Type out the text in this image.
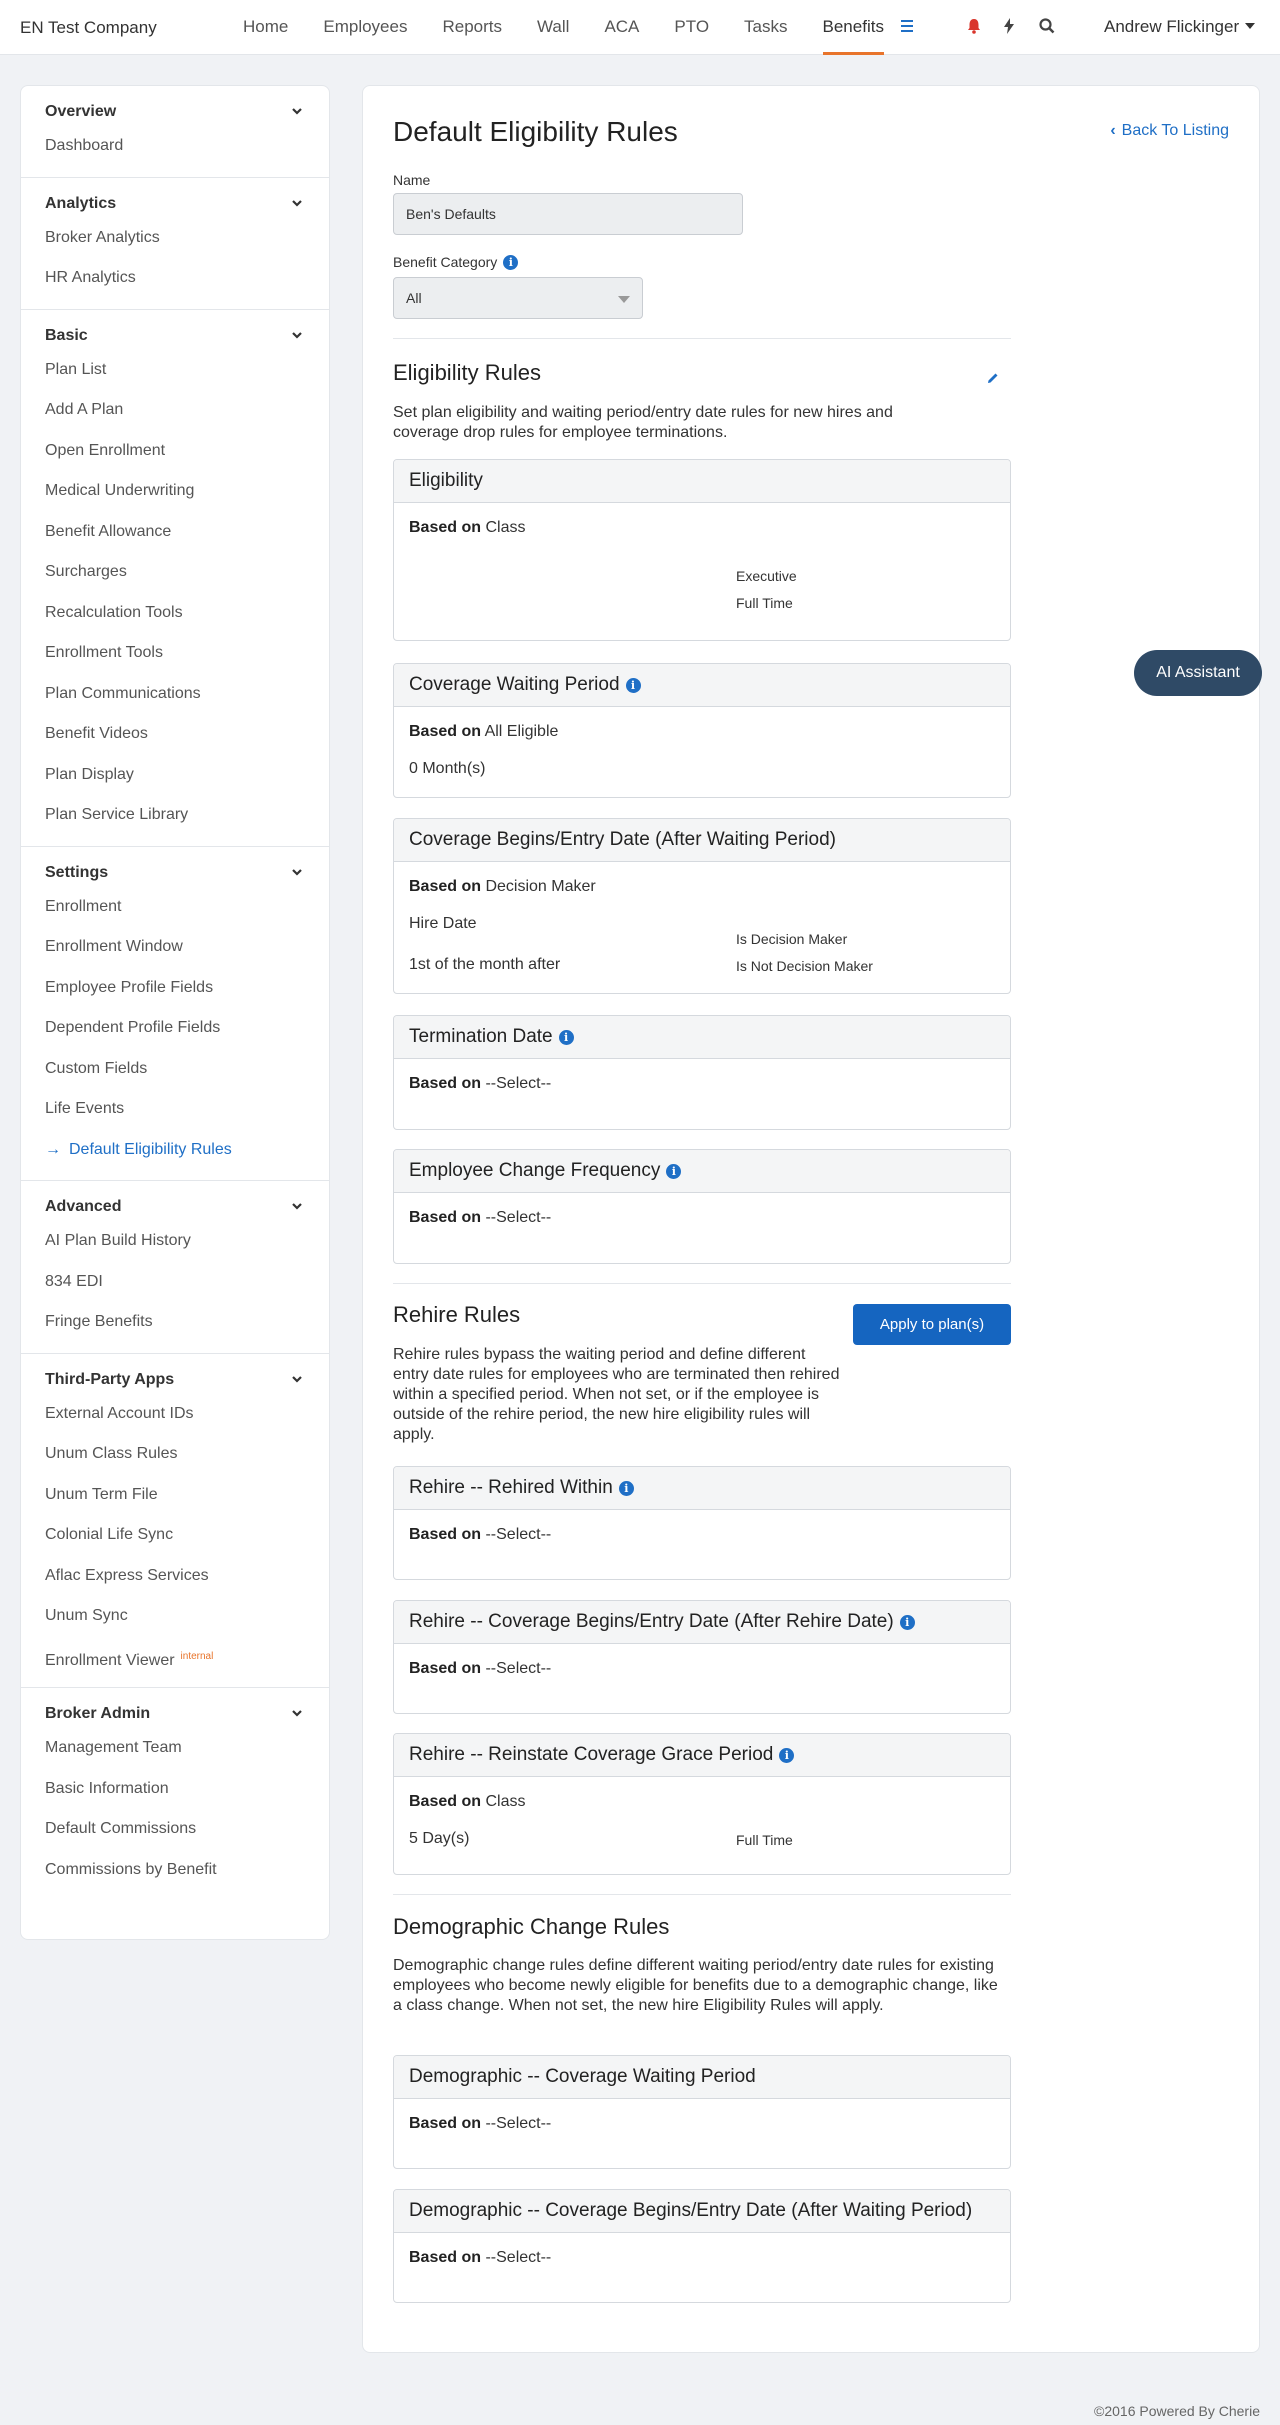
EN Test Company	Home Employees Reports Wall ACA PTO Tasks Benefits	Andrew Flickinger
Overview
Dashboard
Analytics
Broker Analytics
HR Analytics
Basic
Plan List
Add A Plan
Open Enrollment
Medical Underwriting
Benefit Allowance
Surcharges
Recalculation Tools
Enrollment Tools
Plan Communications
Benefit Videos
Plan Display
Plan Service Library
Settings
Enrollment
Enrollment Window
Employee Profile Fields
Dependent Profile Fields
Custom Fields
Life Events
→ Default Eligibility Rules
Advanced
AI Plan Build History
834 EDI
Fringe Benefits
Third-Party Apps
External Account IDs
Unum Class Rules
Unum Term File
Colonial Life Sync
Aflac Express Services
Unum Sync
Enrollment Viewer $^{internal}$
Broker Admin
Management Team
Basic Information
Default Commissions
Commissions by Benefit
Default Eligibility Rules	‹ Back To Listing
Name
Ben's Defaults
Benefit Category i
All
Eligibility Rules
Set plan eligibility and waiting period/entry date rules for new hires and coverage drop rules for employee terminations.
Eligibility
Based on Class
Executive
Full Time
Coverage Waiting Period i
Based on All Eligible
0 Month(s)
Coverage Begins/Entry Date (After Waiting Period)
Based on Decision Maker
Hire Date
1st of the month after
Is Decision Maker
Is Not Decision Maker
Termination Date i
Based on --Select--
Employee Change Frequency i
Based on --Select--
Rehire Rules	Apply to plan(s)
Rehire rules bypass the waiting period and define different entry date rules for employees who are terminated then rehired within a specified period. When not set, or if the employee is outside of the rehire period, the new hire eligibility rules will apply.
Rehire -- Rehired Within i
Based on --Select--
Rehire -- Coverage Begins/Entry Date (After Rehire Date) i
Based on --Select--
Rehire -- Reinstate Coverage Grace Period i
Based on Class
5 Day(s)	Full Time
Demographic Change Rules
Demographic change rules define different waiting period/entry date rules for existing employees who become newly eligible for benefits due to a demographic change, like a class change. When not set, the new hire Eligibility Rules will apply.
Demographic -- Coverage Waiting Period
Based on --Select--
Demographic -- Coverage Begins/Entry Date (After Waiting Period)
Based on --Select--
AI Assistant
©2016 Powered By Cherie
